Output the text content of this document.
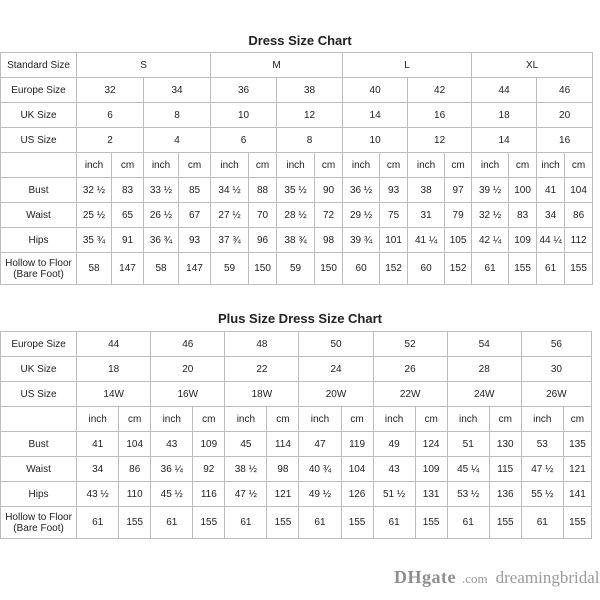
Dress Size Chart
Standard Size	S				M				L				XL			
Europe Size	32		34		36		38		40		42		44		46	
UK Size	6		8		10		12		14		16		18		20	
US Size	2		4		6		8		10		12		14		16	
	inch	cm	inch	cm	inch	cm	inch	cm	inch	cm	inch	cm	inch	cm	inch	cm
Bust	32 ½	83	33 ½	85	34 ½	88	35 ½	90	36 ½	93	38	97	39 ½	100	41	104
Waist	25 ½	65	26 ½	67	27 ½	70	28 ½	72	29 ½	75	31	79	32 ½	83	34	86
Hips	35 ¾	91	36 ¾	93	37 ¾	96	38 ¾	98	39 ¾	101	41 ¼	105	42 ¼	109	44 ¼	112
Hollow to Floor (Bare Foot)	58	147	58	147	59	150	59	150	60	152	60	152	61	155	61	155
Plus Size Dress Size Chart
Europe Size	44		46		48		50		52		54		56	
UK Size	18		20		22		24		26		28		30	
US Size	14W		16W		18W		20W		22W		24W		26W	
	inch	cm	inch	cm	inch	cm	inch	cm	inch	cm	inch	cm	inch	cm
Bust	41	104	43	109	45	114	47	119	49	124	51	130	53	135
Waist	34	86	36 ¼	92	38 ½	98	40 ¾	104	43	109	45 ¼	115	47 ½	121
Hips	43 ½	110	45 ½	116	47 ½	121	49 ½	126	51 ½	131	53 ½	136	55 ½	141
Hollow to Floor (Bare Foot)	61	155	61	155	61	155	61	155	61	155	61	155	61	155
DHgate .com dreamingbridal
